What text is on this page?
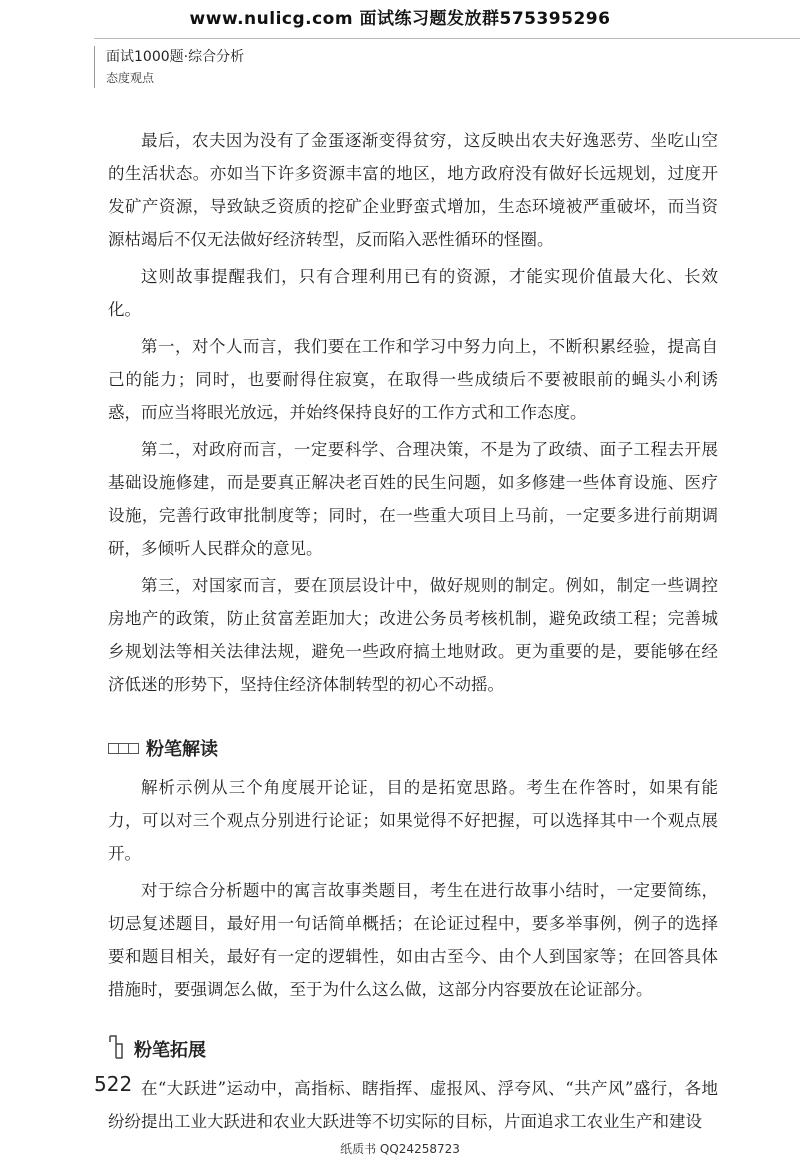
www.nulicg.com 面试练习题发放群575395296
面试1000题·综合分析
态度观点

最后，农夫因为没有了金蛋逐渐变得贫穷，这反映出农夫好逸恶劳、坐吃山空的生活状态。亦如当下许多资源丰富的地区，地方政府没有做好长远规划，过度开发矿产资源，导致缺乏资质的挖矿企业野蛮式增加，生态环境被严重破坏，而当资源枯竭后不仅无法做好经济转型，反而陷入恶性循环的怪圈。

这则故事提醒我们，只有合理利用已有的资源，才能实现价值最大化、长效化。

第一，对个人而言，我们要在工作和学习中努力向上，不断积累经验，提高自己的能力；同时，也要耐得住寂寞，在取得一些成绩后不要被眼前的蝇头小利诱惑，而应当将眼光放远，并始终保持良好的工作方式和工作态度。

第二，对政府而言，一定要科学、合理决策，不是为了政绩、面子工程去开展基础设施修建，而是要真正解决老百姓的民生问题，如多修建一些体育设施、医疗设施，完善行政审批制度等；同时，在一些重大项目上马前，一定要多进行前期调研，多倾听人民群众的意见。

第三，对国家而言，要在顶层设计中，做好规则的制定。例如，制定一些调控房地产的政策，防止贫富差距加大；改进公务员考核机制，避免政绩工程；完善城乡规划法等相关法律法规，避免一些政府搞土地财政。更为重要的是，要能够在经济低迷的形势下，坚持住经济体制转型的初心不动摇。

粉笔解读

解析示例从三个角度展开论证，目的是拓宽思路。考生在作答时，如果有能力，可以对三个观点分别进行论证；如果觉得不好把握，可以选择其中一个观点展开。

对于综合分析题中的寓言故事类题目，考生在进行故事小结时，一定要简练，切忌复述题目，最好用一句话简单概括；在论证过程中，要多举事例，例子的选择要和题目相关，最好有一定的逻辑性，如由古至今、由个人到国家等；在回答具体措施时，要强调怎么做，至于为什么这么做，这部分内容要放在论证部分。

粉笔拓展

在“大跃进”运动中，高指标、瞎指挥、虚报风、浮夸风、“共产风”盛行，各地纷纷提出工业大跃进和农业大跃进等不切实际的目标，片面追求工农业生产和建设

522
纸质书 QQ24258723
